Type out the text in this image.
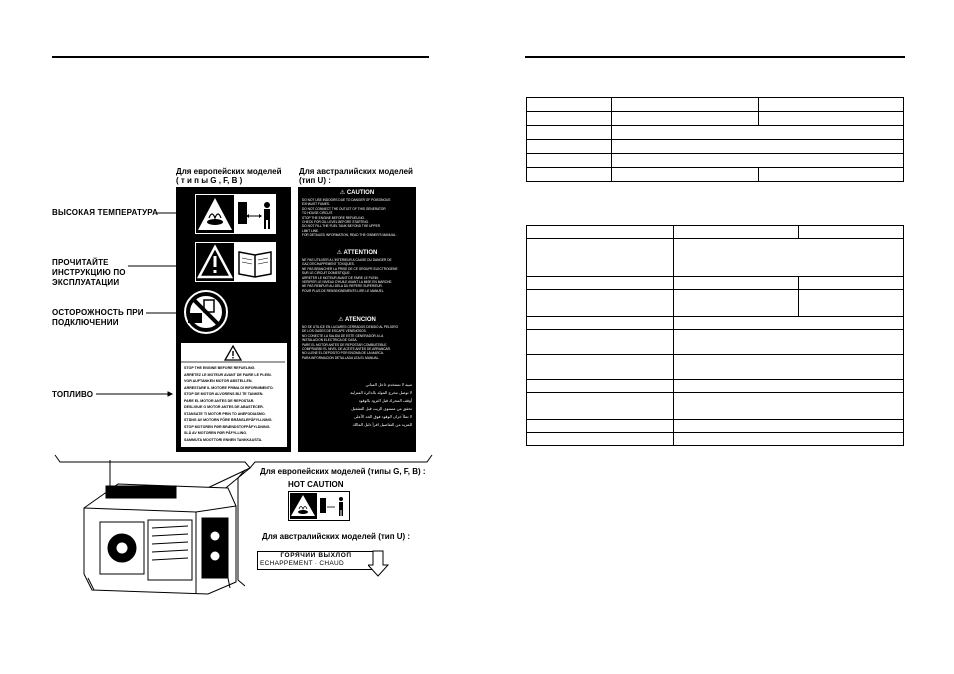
Для европейских моделей
( т и п ы G , F, B )
Для австралийских моделей
(тип U) :
ВЫСОКАЯ ТЕМПЕРАТУРА
ПРОЧИТАЙТЕ
ИНСТРУКЦИЮ ПО
ЭКСПЛУАТАЦИИ
ОСТОРОЖНОСТЬ ПРИ
ПОДКЛЮЧЕНИИ
ТОПЛИВО
STOP THE ENGINE BEFORE REFUELING.
ARRETEZ LE MOTEUR AVANT DE FAIRE LE PLEIN.
VOR AUFTANKEN MOTOR ABSTELLEN.
ARRESTARE IL MOTORE PRIMA DI RIFORNIMENTO.
STOP DE MOTOR ALVORENS BIJ TE TANKEN.
PARE EL MOTOR ANTES DE REPOSTAR.
DESLIGUE O MOTOR ANTES DE ABASTECER.
STANSATE TI MOTOR PRIN TO ANEFODIASMO.
STÄNG AV MOTORN FÖRE BRÄNSLEPÅFYLLNING.
STOP MOTOREN FØR BRÆNDSTOFPÅFYLDNING.
SLÅ AV MOTOREN FØR PÅFYLLING.
SAMMUTA MOOTTORI ENNEN TANKKAUSTA.
⚠ CAUTION
DO NOT USE INDOORS DUE TO DANGER OF POISONOUS
EXHAUST FUMES.
DO NOT CONNECT THE OUTLET OF THIS GENERATOR
TO HOUSE CIRCUIT.
STOP THE ENGINE BEFORE REFUELING.
CHECK FOR OIL LEVEL BEFORE STARTING.
DO NOT FILL THE FUEL TANK BEYOND THE UPPER
LIMIT LINE.
FOR DETAILED INFORMATION, READ THE OWNER'S MANUAL.
⚠ ATTENTION
NE PAS UTILISER A L'INTERIEUR A CAUSE DU DANGER DE
GAZ D'ECHAPPEMENT TOXIQUES.
NE PAS BRANCHER LA PRISE DE CE GROUPE ELECTROGENE
SUR LE CIRCUIT DOMESTIQUE.
ARRETER LE MOTEUR AVANT DE FAIRE LE PLEIN.
VERIFIER LE NIVEAU D'HUILE AVANT LA MISE EN MARCHE.
NE PAS REMPLIR AU-DELA DU REPERE SUPERIEUR.
POUR PLUS DE RENSEIGNEMENTS LIRE LE MANUEL.
⚠ ATENCION
NO SE UTILICE EN LUGARES CERRADOS DEBIDO AL PELIGRO
DE LOS GASES DE ESCAPE VENENOSOS.
NO CONECTE LA SALIDA DE ESTE GENERADOR A LA
INSTALACION ELECTRICA DE CASA.
PARE EL MOTOR ANTES DE REPOSTAR COMBUSTIBLE.
COMPRUEBE EL NIVEL DE ACEITE ANTES DE ARRANCAR.
NO LLENE EL DEPOSITO POR ENCIMA DE LA MARCA.
PARA INFORMACION DETALLADA LEA EL MANUAL.
تنبيه لا تستخدم داخل المباني
لا توصل مخرج المولد بالدائرة المنزلية
أوقف المحرك قبل التزود بالوقود
تحقق من مستوى الزيت قبل التشغيل
لا تملأ خزان الوقود فوق الحد الأعلى
للمزيد من التفاصيل اقرأ دليل المالك
Для европейских моделей (типы G, F, B) :
HOT CAUTION
Для австралийских моделей (тип U) :
ГОРЯЧИЙ ВЫХЛОП
ECHAPPEMENT · CHAUD
